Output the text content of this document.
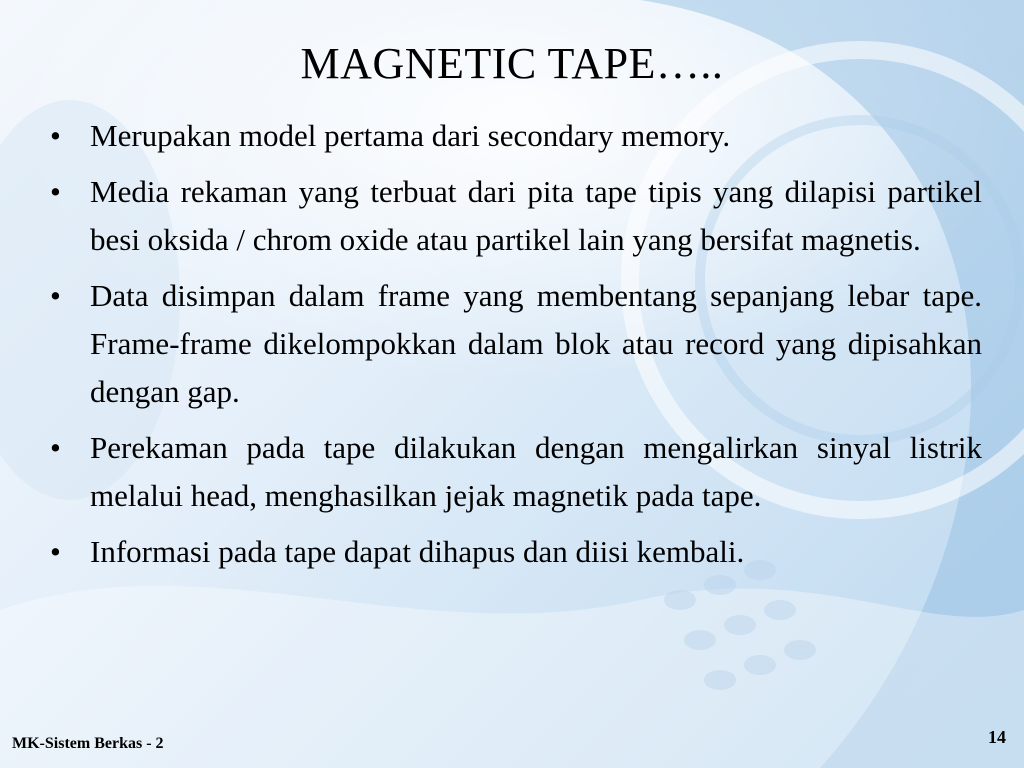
MAGNETIC TAPE…..
• Merupakan model pertama dari secondary memory.
• Media rekaman yang terbuat dari pita tape tipis yang dilapisi partikel besi oksida / chrom oxide atau partikel lain yang bersifat magnetis.
• Data disimpan dalam frame yang membentang sepanjang lebar tape. Frame-frame dikelompokkan dalam blok atau record yang dipisahkan dengan gap.
• Perekaman pada tape dilakukan dengan mengalirkan sinyal listrik melalui head, menghasilkan jejak magnetik pada tape.
• Informasi pada tape dapat dihapus dan diisi kembali.
MK-Sistem Berkas - 2	14
